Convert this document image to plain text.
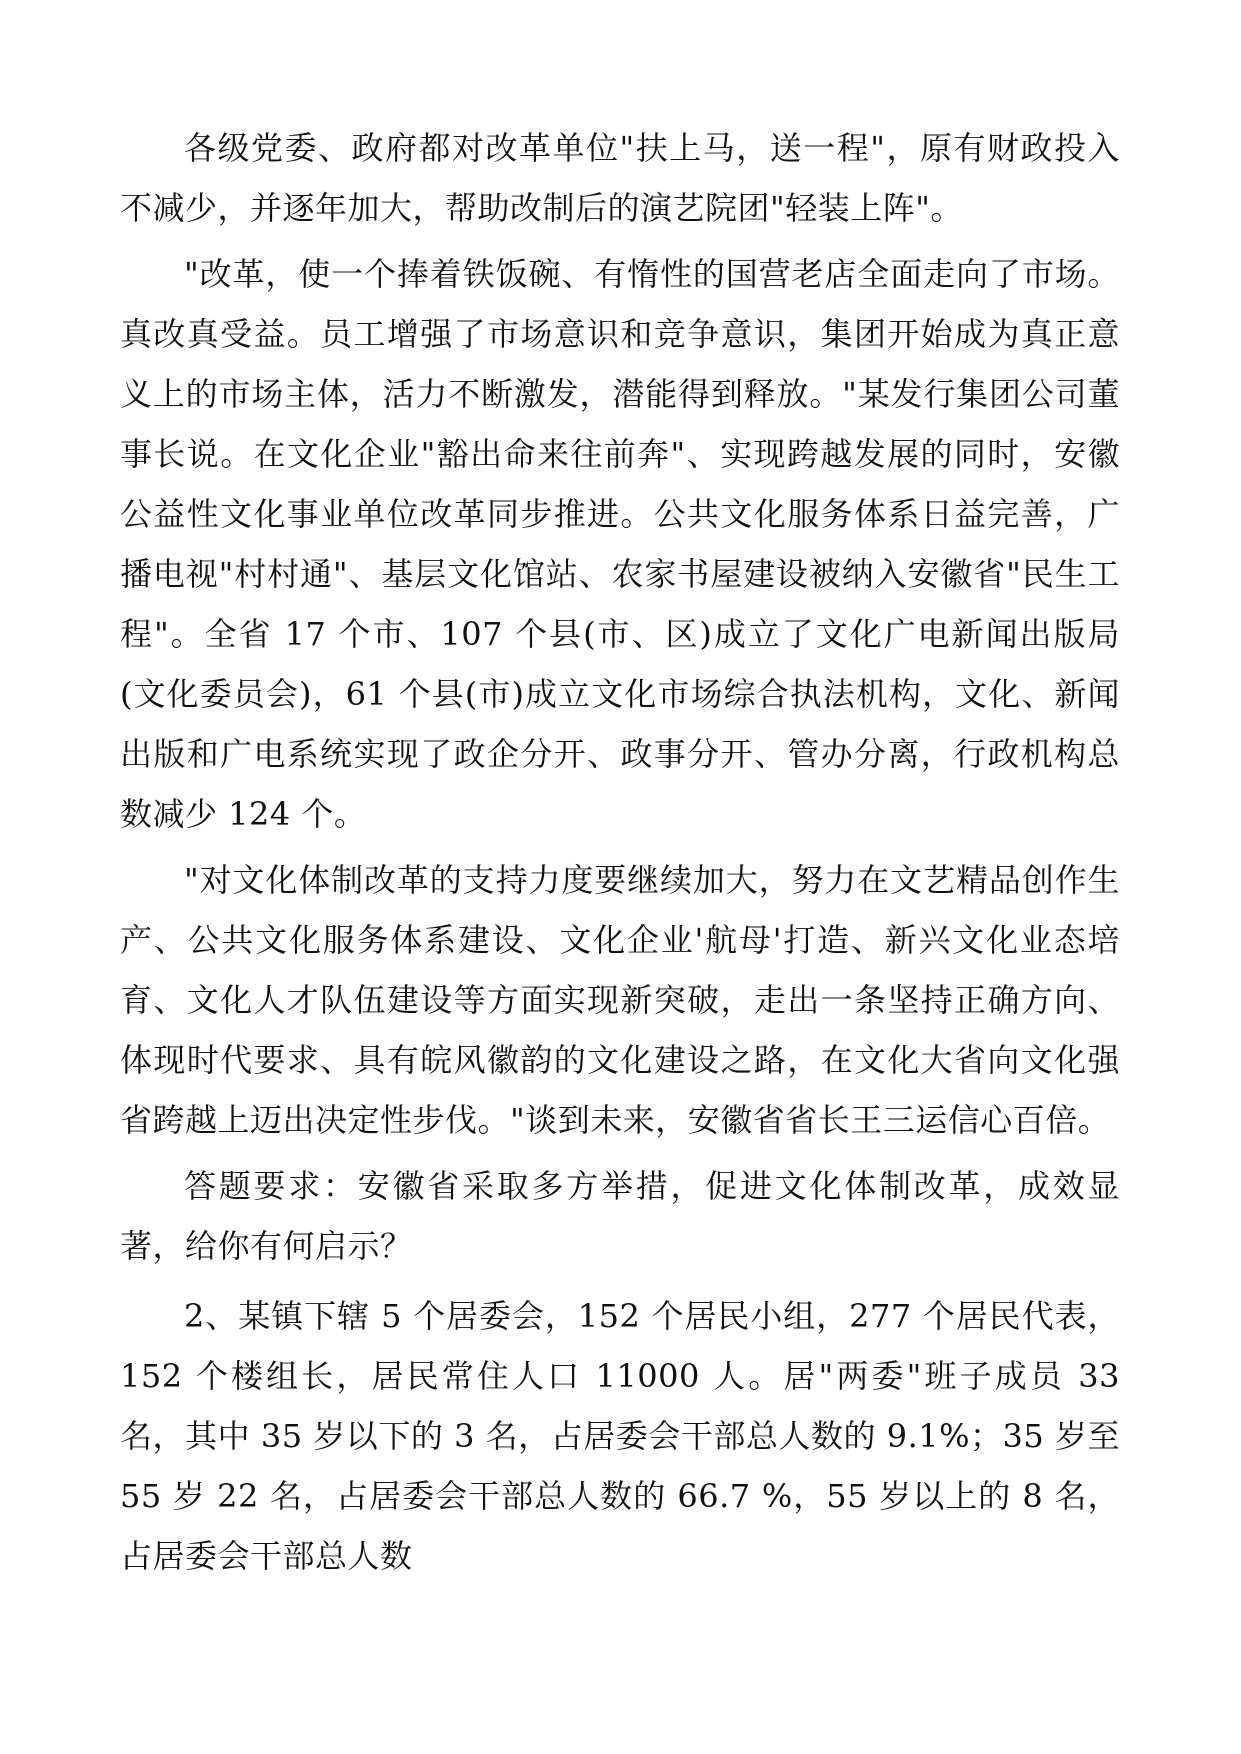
各级党委、政府都对改革单位"扶上马，送一程"，原有财政投入不减少，并逐年加大，帮助改制后的演艺院团"轻装上阵"。

"改革，使一个捧着铁饭碗、有惰性的国营老店全面走向了市场。真改真受益。员工增强了市场意识和竞争意识，集团开始成为真正意义上的市场主体，活力不断激发，潜能得到释放。"某发行集团公司董事长说。在文化企业"豁出命来往前奔"、实现跨越发展的同时，安徽公益性文化事业单位改革同步推进。公共文化服务体系日益完善，广播电视"村村通"、基层文化馆站、农家书屋建设被纳入安徽省"民生工程"。全省 17 个市、107 个县(市、区)成立了文化广电新闻出版局(文化委员会)，61 个县(市)成立文化市场综合执法机构，文化、新闻出版和广电系统实现了政企分开、政事分开、管办分离，行政机构总数减少 124 个。

"对文化体制改革的支持力度要继续加大，努力在文艺精品创作生产、公共文化服务体系建设、文化企业'航母'打造、新兴文化业态培育、文化人才队伍建设等方面实现新突破，走出一条坚持正确方向、体现时代要求、具有皖风徽韵的文化建设之路，在文化大省向文化强省跨越上迈出决定性步伐。"谈到未来，安徽省省长王三运信心百倍。

答题要求：安徽省采取多方举措，促进文化体制改革，成效显著，给你有何启示？

2、某镇下辖 5 个居委会，152 个居民小组，277 个居民代表，152 个楼组长，居民常住人口 11000 人。居"两委"班子成员 33 名，其中 35 岁以下的 3 名，占居委会干部总人数的 9.1%；35 岁至 55 岁 22 名，占居委会干部总人数的 66.7 %，55 岁以上的 8 名，占居委会干部总人数
